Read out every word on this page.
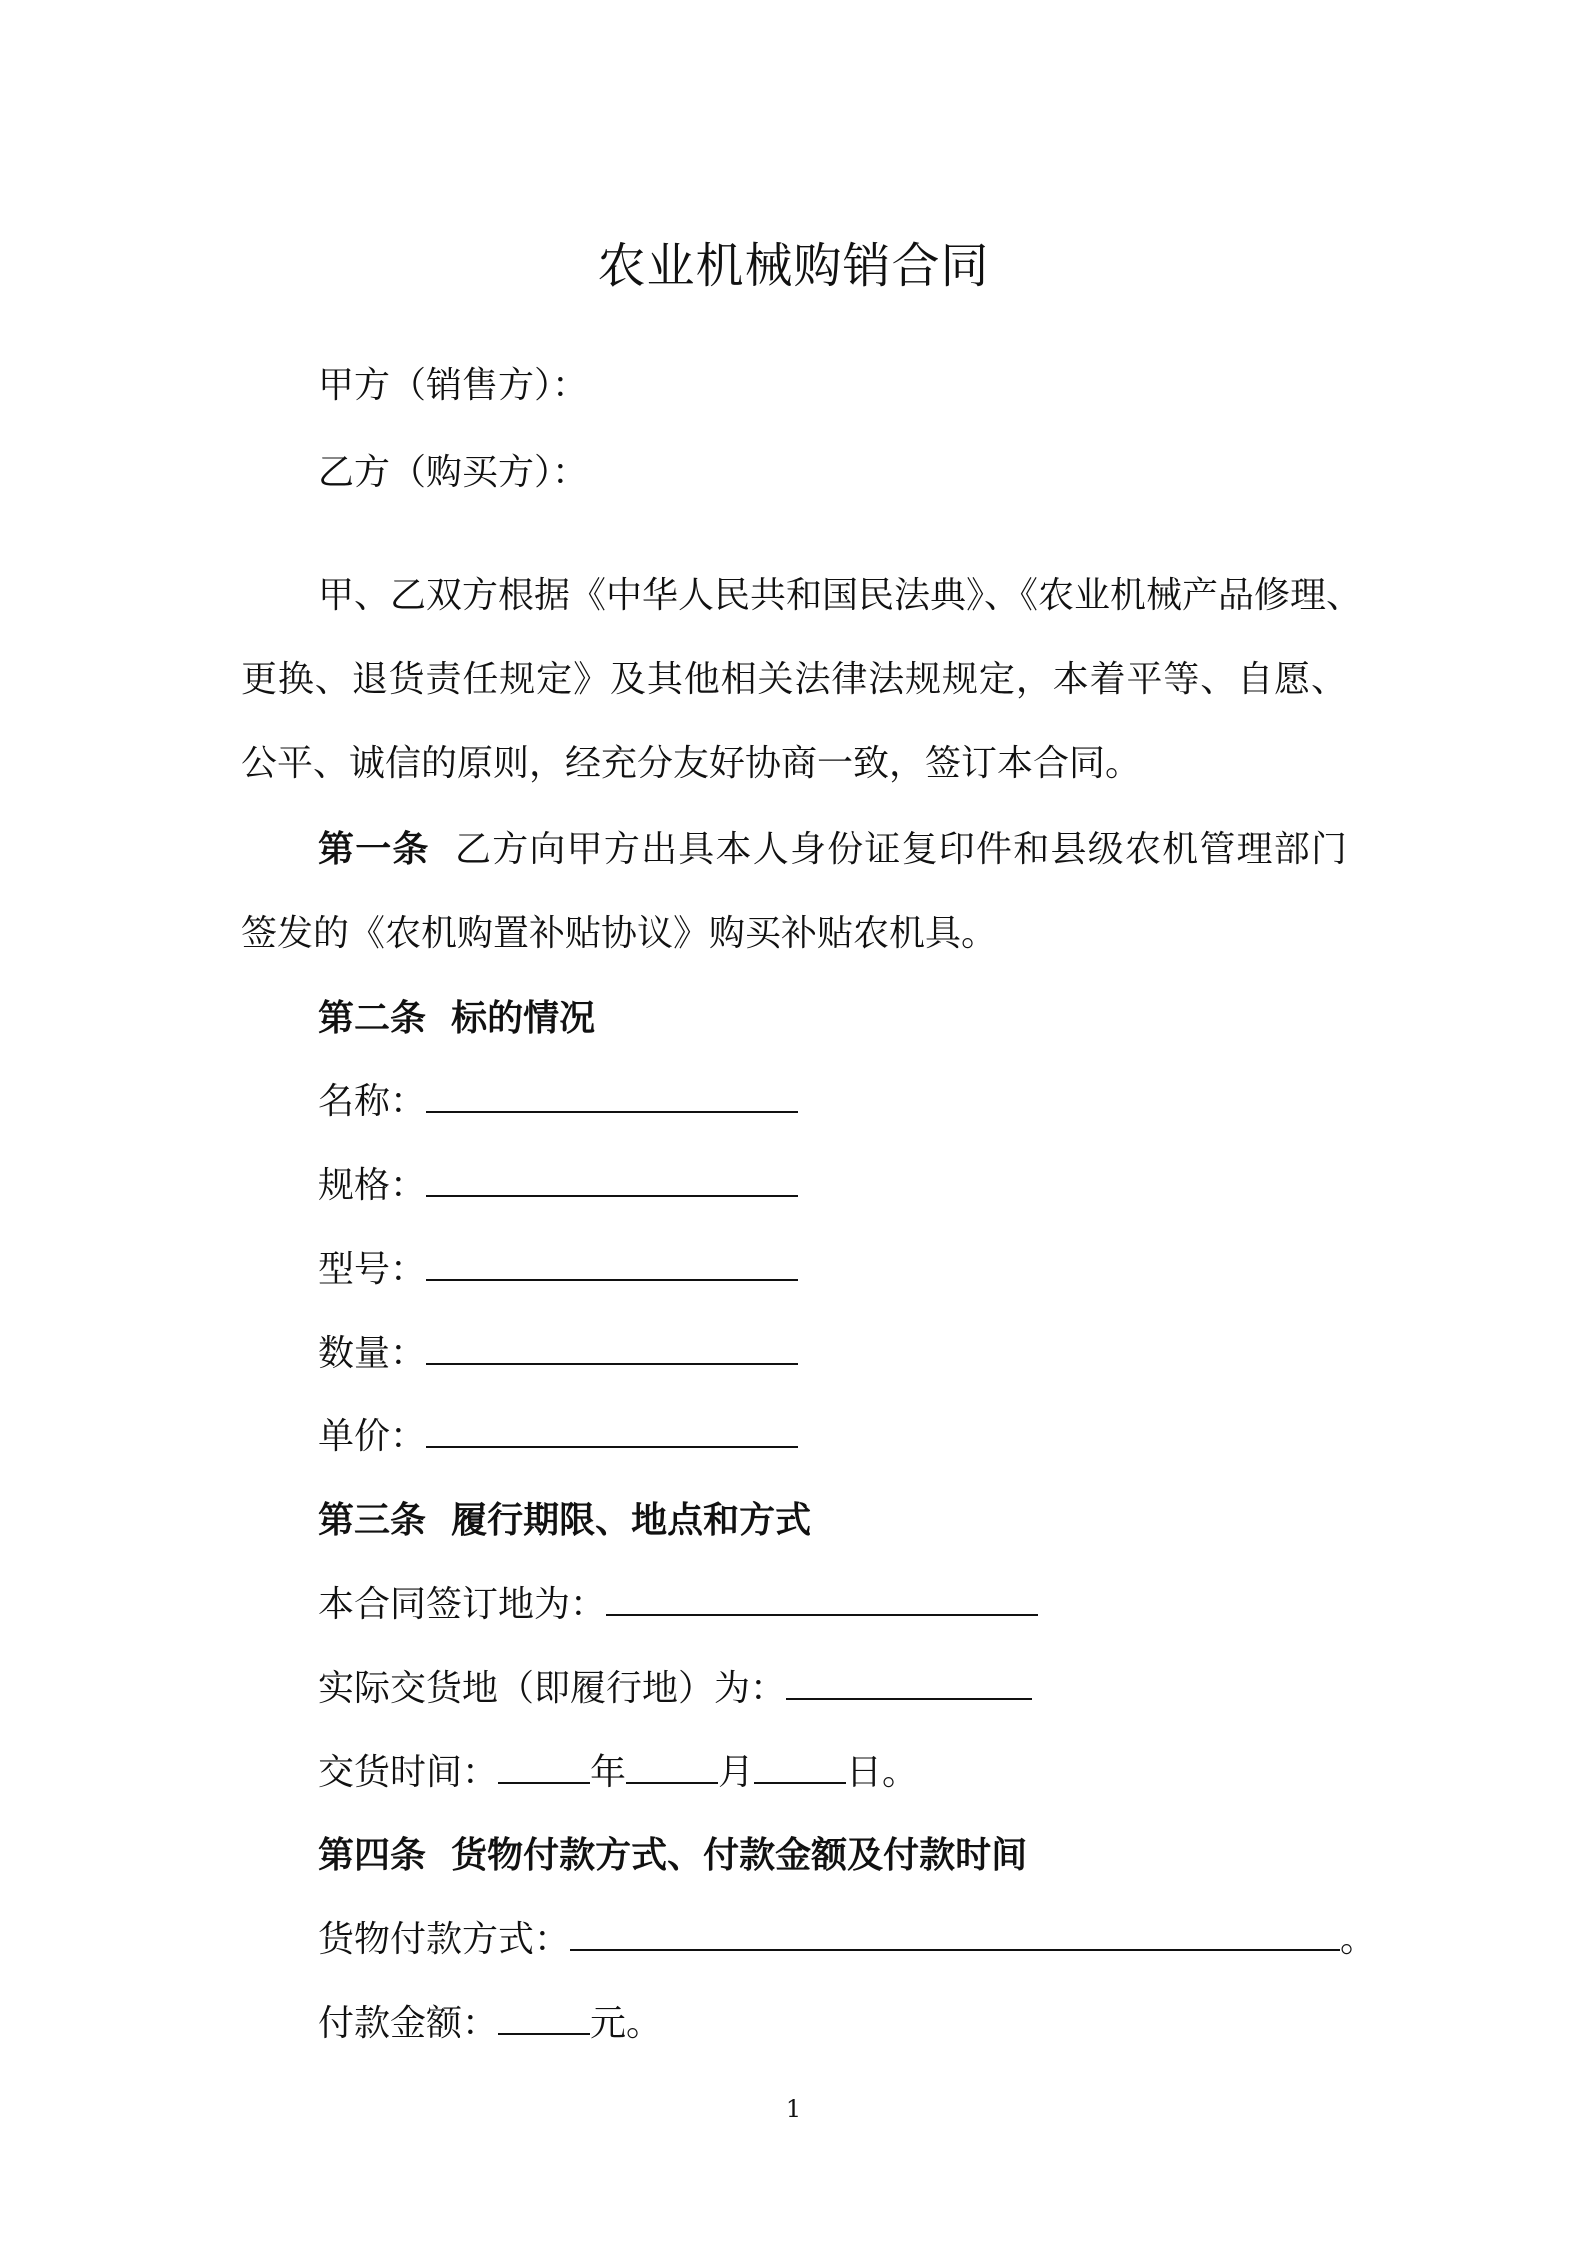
农业机械购销合同

甲方（销售方）：

乙方（购买方）：

甲、乙双方根据《中华人民共和国民法典》、《农业机械产品修理、

更换、退货责任规定》及其他相关法律法规规定，本着平等、自愿、

公平、诚信的原则，经充分友好协商一致，签订本合同。

第一条 乙方向甲方出具本人身份证复印件和县级农机管理部门

签发的《农机购置补贴协议》购买补贴农机具。

第二条 标的情况

名称：

规格：

型号：

数量：

单价：

第三条 履行期限、地点和方式

本合同签订地为：

实际交货地（即履行地）为：

交货时间：	年	月	日。

第四条 货物付款方式、付款金额及付款时间

货物付款方式：	。

付款金额：	元。

1
